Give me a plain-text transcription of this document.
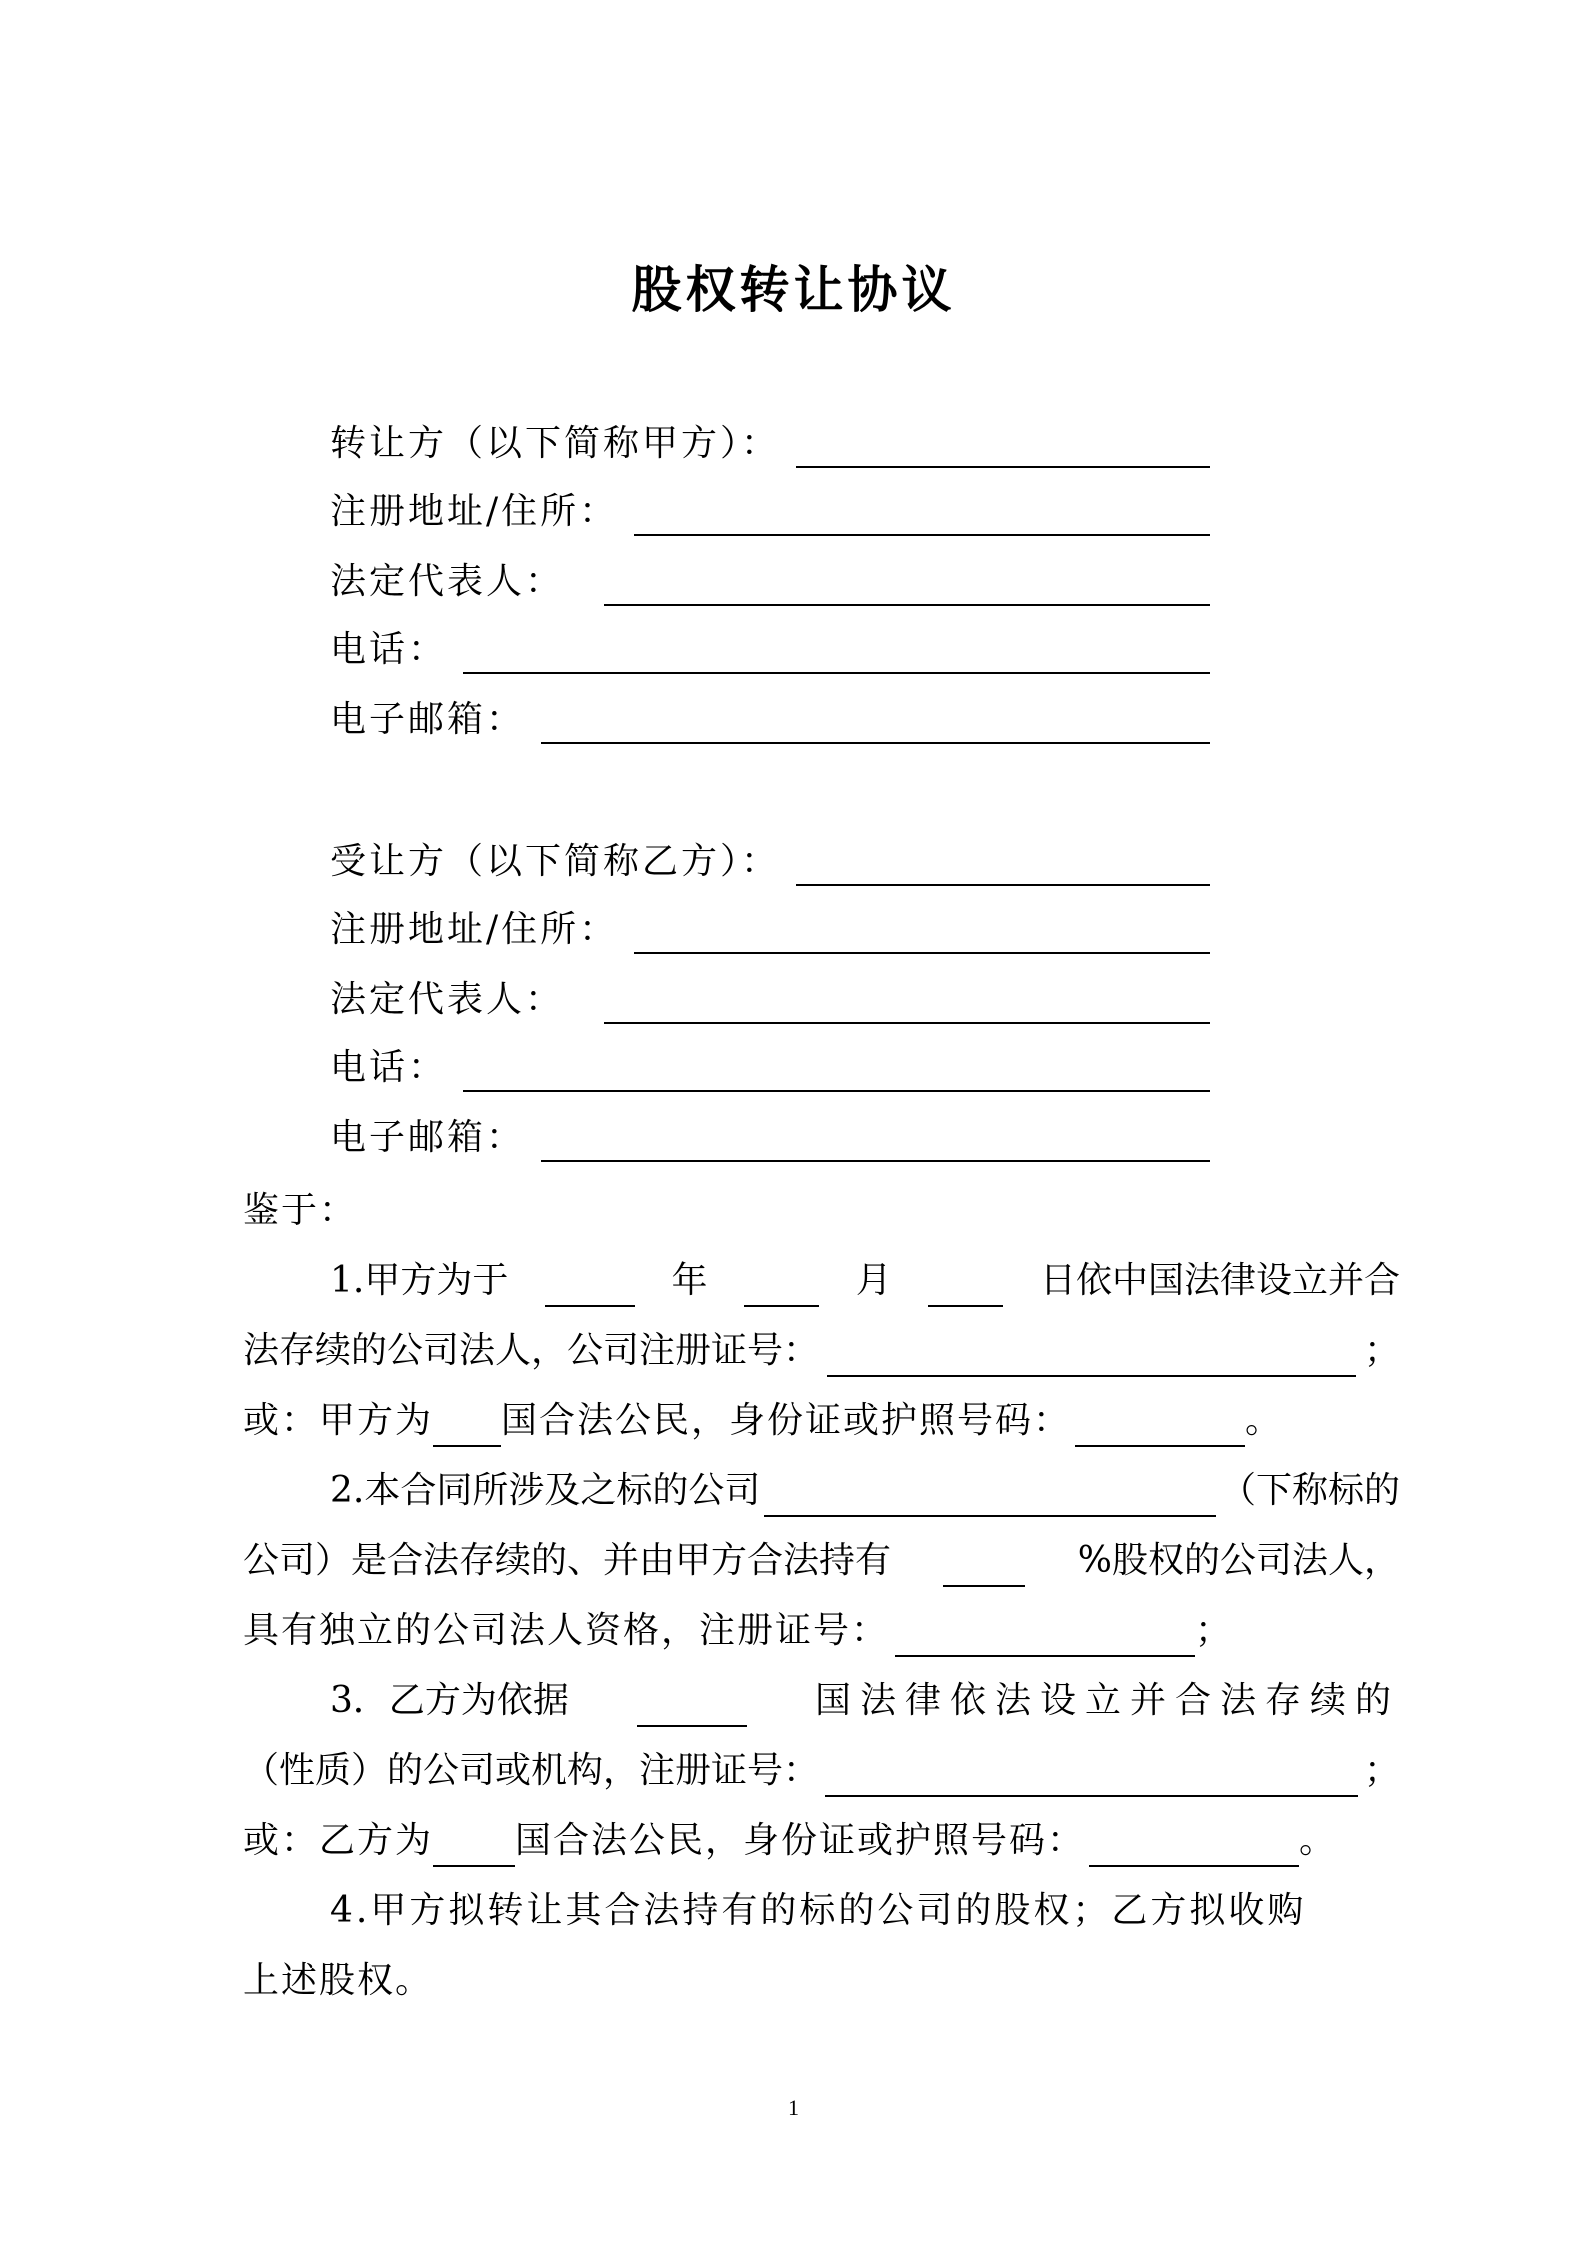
股权转让协议
转让方（以下简称甲方）：
注册地址/住所：
法定代表人：
电话：
电子邮箱：
受让方（以下简称乙方）：
注册地址/住所：
法定代表人：
电话：
电子邮箱：
鉴于：
1.甲方为于	年	月	日依中国法律设立并合
法存续的公司法人，公司注册证号：	；
或：甲方为 国合法公民，身份证或护照号码：	。
2.本合同所涉及之标的公司	（下称标的
公司）是合法存续的、并由甲方合法持有	%股权的公司法人，
具有独立的公司法人资格，注册证号：	；
3．乙方为依据	国法律依法设立并合法存续的
（性质）的公司或机构，注册证号：	；
或：乙方为 国合法公民，身份证或护照号码：	。
4.甲方拟转让其合法持有的标的公司的股权；乙方拟收购
上述股权。
1
